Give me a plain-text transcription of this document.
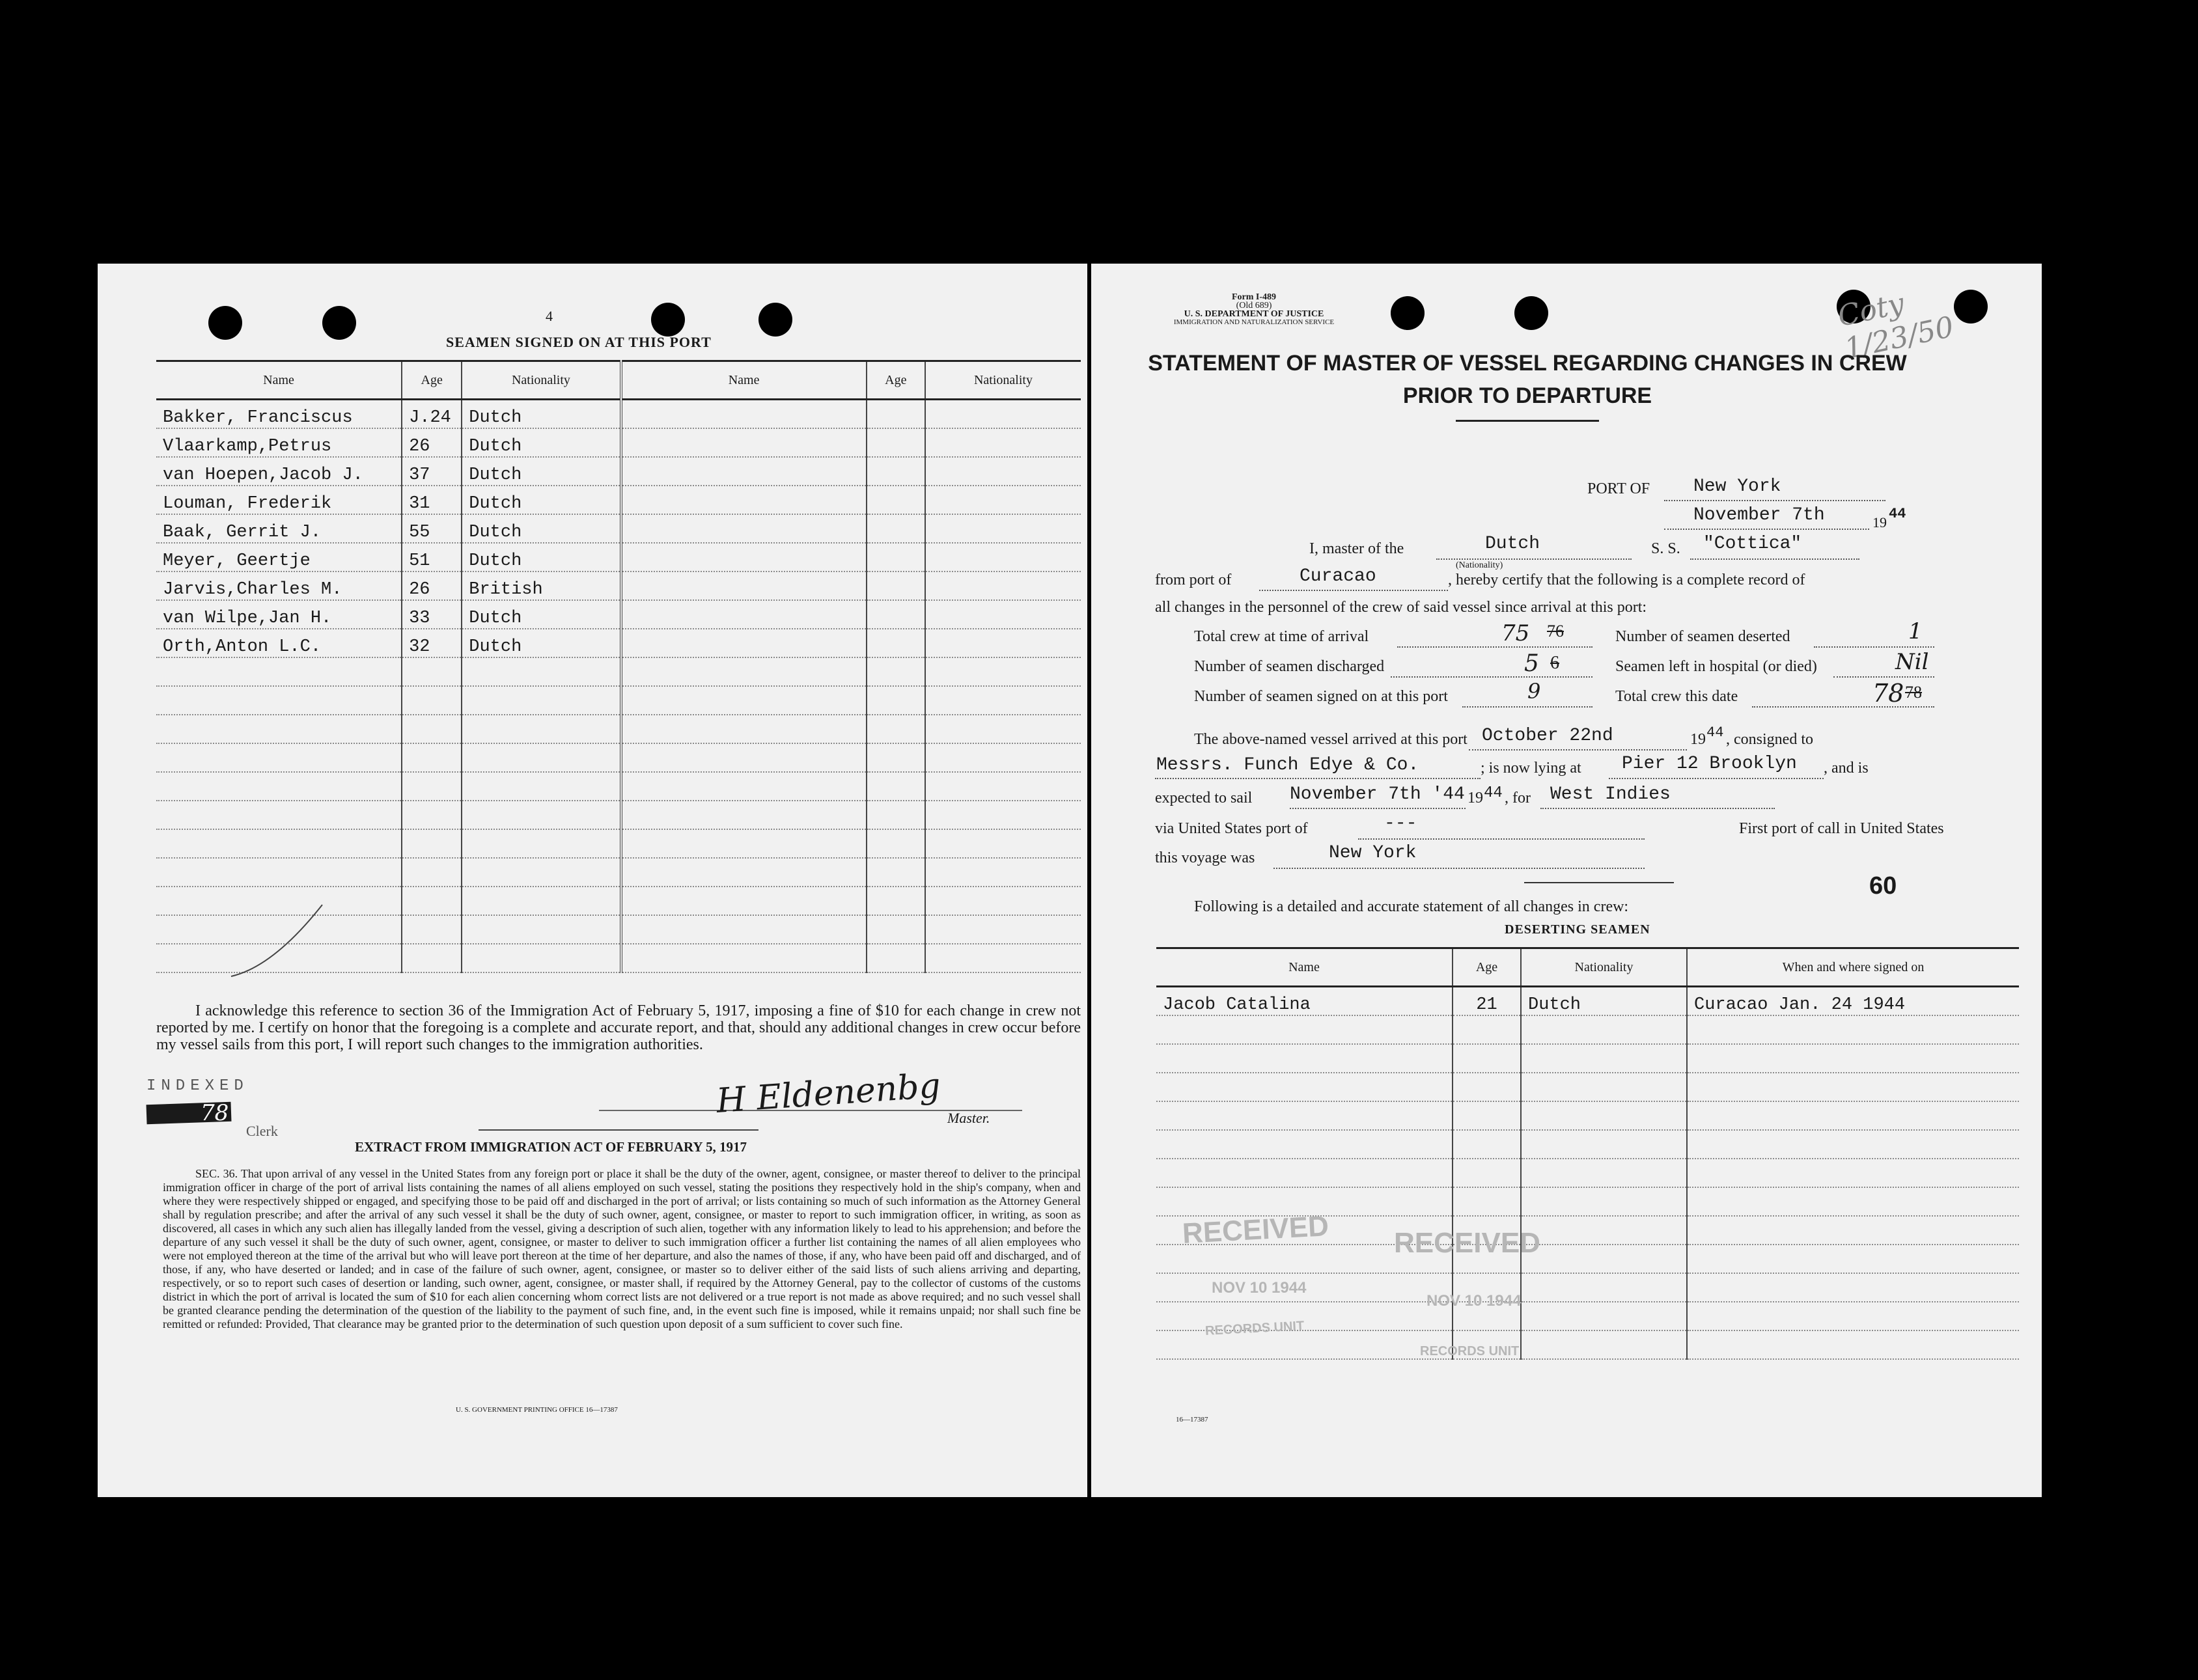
4
SEAMEN SIGNED ON AT THIS PORT
Name	Age	Nationality	Name	Age	Nationality
Bakker, Franciscus	J.24	Dutch			
Vlaarkamp,Petrus	26	Dutch			
van Hoepen,Jacob J.	37	Dutch			
Louman, Frederik	31	Dutch			
Baak, Gerrit J.	55	Dutch			
Meyer, Geertje	51	Dutch			
Jarvis,Charles M.	26	British			
van Wilpe,Jan H.	33	Dutch			
Orth,Anton L.C.	32	Dutch			

I acknowledge this reference to section 36 of the Immigration Act of February 5, 1917, imposing a fine of $10 for each change in crew not reported by me. I certify on honor that the foregoing is a complete and accurate report, and that, should any additional changes in crew occur before my vessel sails from this port, I will report such changes to the immigration authorities.
INDEXED
78
Clerk
H Eldenenbg Master.
EXTRACT FROM IMMIGRATION ACT OF FEBRUARY 5, 1917
SEC. 36. That upon arrival of any vessel in the United States from any foreign port or place it shall be the duty of the owner, agent, consignee, or master thereof to deliver to the principal immigration officer in charge of the port of arrival lists containing the names of all aliens employed on such vessel, stating the positions they respectively hold in the ship's company, when and where they were respectively shipped or engaged, and specifying those to be paid off and discharged in the port of arrival; or lists containing so much of such information as the Attorney General shall by regulation prescribe; and after the arrival of any such vessel it shall be the duty of such owner, agent, consignee, or master to report to such immigration officer, in writing, as soon as discovered, all cases in which any such alien has illegally landed from the vessel, giving a description of such alien, together with any information likely to lead to his apprehension; and before the departure of any such vessel it shall be the duty of such owner, agent, consignee, or master to deliver to such immigration officer a further list containing the names of all alien employees who were not employed thereon at the time of the arrival but who will leave port thereon at the time of her departure, and also the names of those, if any, who have been paid off and discharged, and of those, if any, who have deserted or landed; and in case of the failure of such owner, agent, consignee, or master so to deliver either of the said lists of such aliens arriving and departing, respectively, or so to report such cases of desertion or landing, such owner, agent, consignee, or master shall, if required by the Attorney General, pay to the collector of customs of the customs district in which the port of arrival is located the sum of $10 for each alien concerning whom correct lists are not delivered or a true report is not made as above required; and no such vessel shall be granted clearance pending the determination of the question of the liability to the payment of such fine, and, in the event such fine is imposed, while it remains unpaid; nor shall such fine be remitted or refunded: Provided, That clearance may be granted prior to the determination of such question upon deposit of a sum sufficient to cover such fine.
U. S. GOVERNMENT PRINTING OFFICE 16—17387
Form I-489
(Old 689)
U. S. DEPARTMENT OF JUSTICE
IMMIGRATION AND NATURALIZATION SERVICE	Coty 1/23/50
STATEMENT OF MASTER OF VESSEL REGARDING CHANGES IN CREW
PRIOR TO DEPARTURE
PORT OF New York
November 7th	19
44
I, master of the	Dutch
(Nationality)
S. S. "Cottica"
from port of	Curacao	, hereby certify that the following is a complete record of
all changes in the personnel of the crew of said vessel since arrival at this port:
Total crew at time of arrival	75 76	Number of seamen deserted	1
Number of seamen discharged	5 6	Seamen left in hospital (or died)	Nil
Number of seamen signed on at this port	9	Total crew this date	78 78
The above-named vessel arrived at this port October 22nd	19 44 , consigned to
Messrs. Funch Edye & Co.	; is now lying at Pier 12 Brooklyn , and is
expected to sail November 7th '44 19 44 , for West Indies
via United States port of	---	First port of call in United States
this voyage was	New York
60
Following is a detailed and accurate statement of all changes in crew:
DESERTING SEAMEN
Name	Age	Nationality	When and where signed on
Jacob Catalina	21	Dutch	Curacao Jan. 24 1944

RECEIVED
NOV 10 1944
RECORDS UNIT
RECEIVED
NOV 10 1944
RECORDS UNIT
16—17387
